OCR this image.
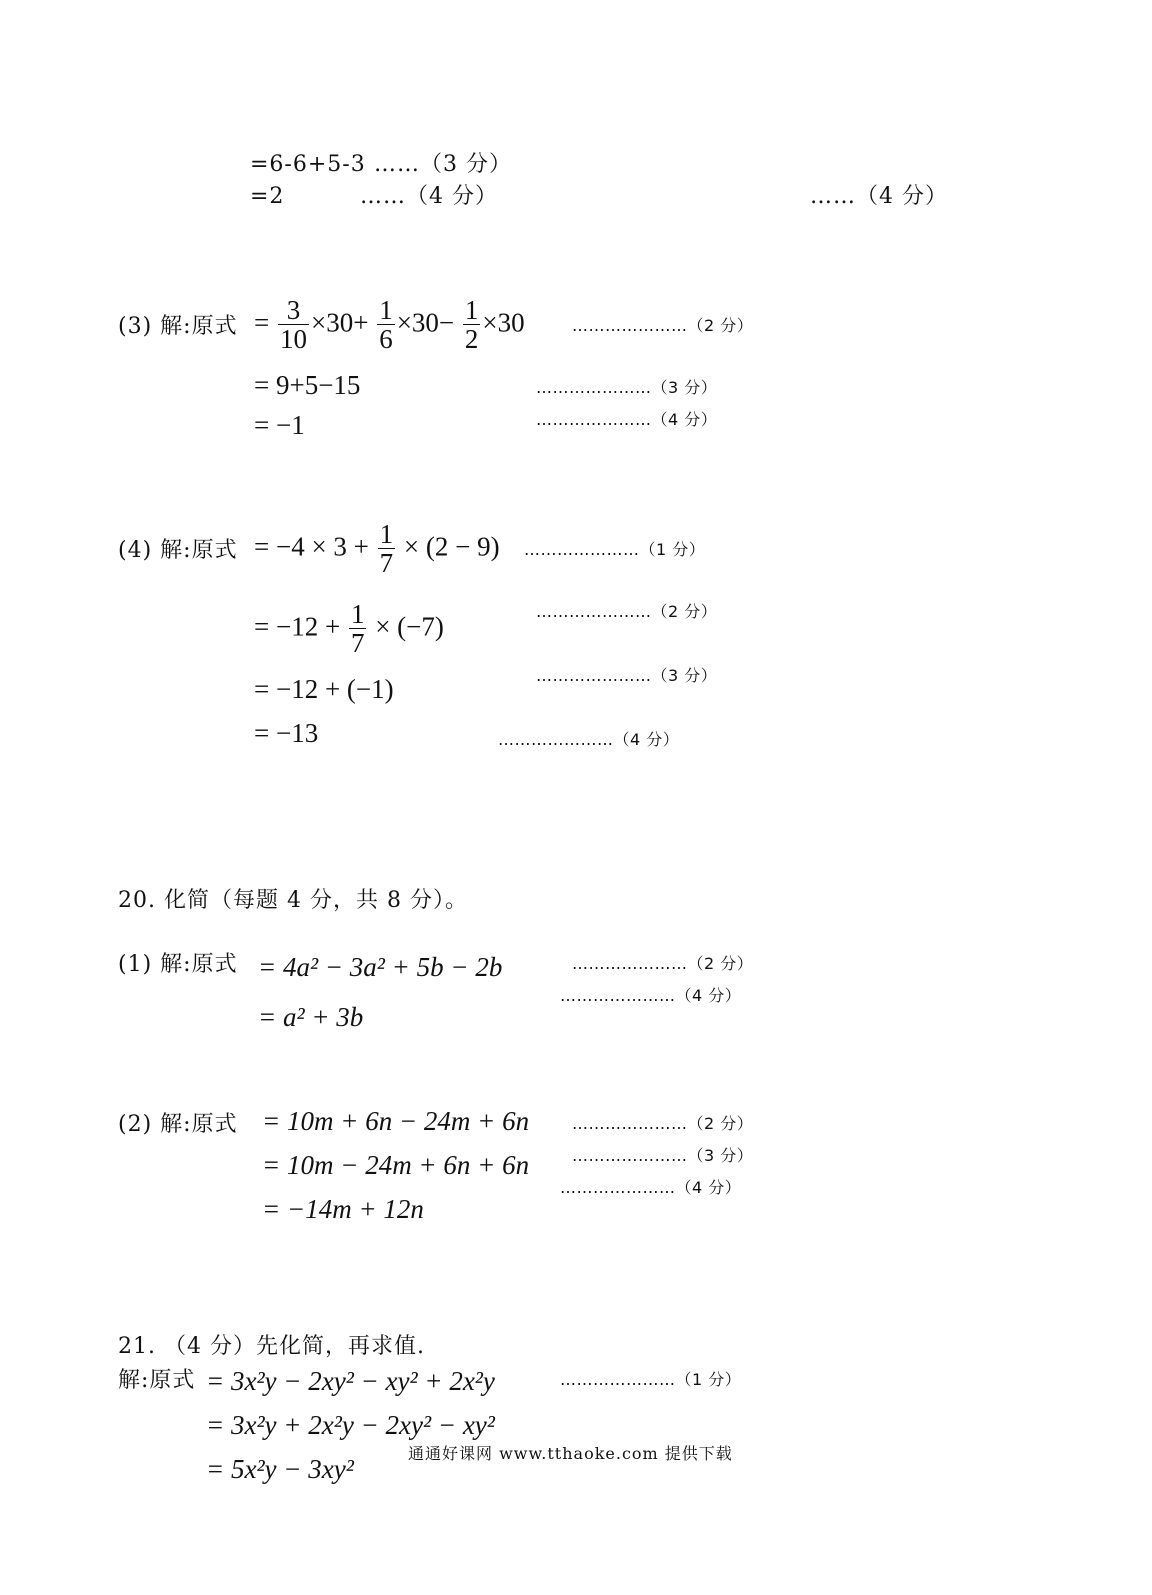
=6-6+5-3 ……（3 分）
=2	……（4 分）	……（4 分）
(3) 解:原式 = $\frac{3}{10} \times 30+ \frac{1}{6} \times 30- \frac{1}{2} \times 30$	…………………（2 分）
= 9+5−15	…………………（3 分）
= −1	…………………（4 分）
(4) 解:原式 = $-4 \times 3 + \frac{1}{7} \times (2 - 9)$ …………………（1 分）
= $-12 + \frac{1}{7} \times (-7)$
…………………（2 分）
= −12 + (−1)	…………………（3 分）
= −13	…………………（4 分）
20. 化简（每题 4 分，共 8 分）。
(1) 解:原式 = 4a² − 3a² + 5b − 2b	…………………（2 分）
…………………（4 分）
= a² + 3b
(2) 解:原式 = 10m + 6n − 24m + 6n	…………………（2 分）
= 10m − 24m + 6n + 6n	…………………（3 分）
= −14m + 12n
…………………（4 分）
21. （4 分）先化简，再求值.
解:原式 = 3x²y − 2xy² − xy² + 2x²y	…………………（1 分）
= 3x²y + 2x²y − 2xy² − xy²
= 5x²y − 3xy²
通通好课网 www.tthaoke.com 提供下载
